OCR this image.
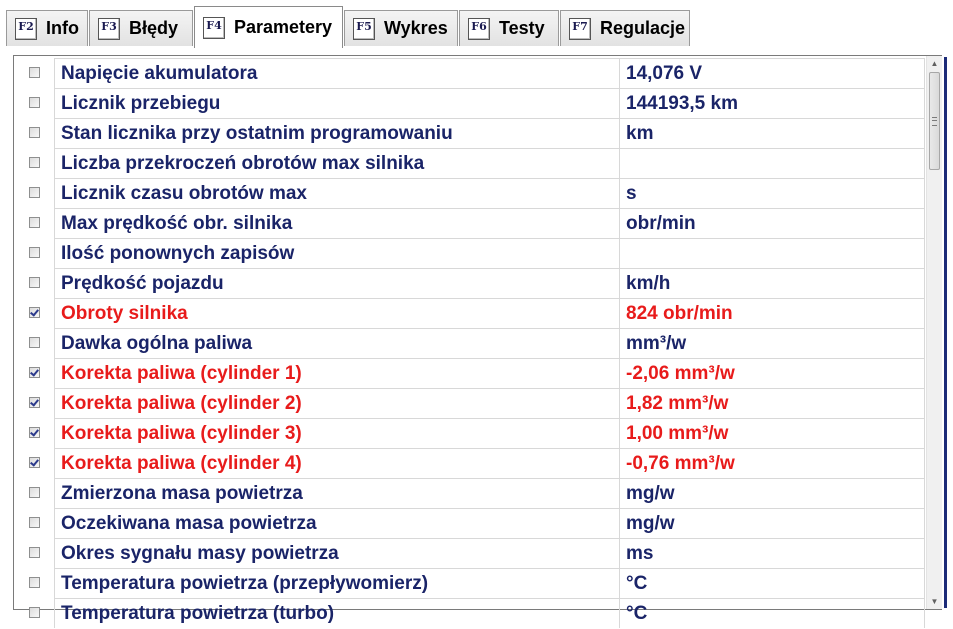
F2 Info F3 Błędy	F4 Parametery F5 Wykres F6 Testy	F7 Regulacje
Napięcie akumulatora	14,076 V
Licznik przebiegu	144193,5 km
Stan licznika przy ostatnim programowaniu	km
Liczba przekroczeń obrotów max silnika
Licznik czasu obrotów max	s
Max prędkość obr. silnika	obr/min
Ilość ponownych zapisów
Prędkość pojazdu	km/h
Obroty silnika	824 obr/min
Dawka ogólna paliwa	mm³/w
Korekta paliwa (cylinder 1)	-2,06 mm³/w
Korekta paliwa (cylinder 2)	1,82 mm³/w
Korekta paliwa (cylinder 3)	1,00 mm³/w
Korekta paliwa (cylinder 4)	-0,76 mm³/w
Zmierzona masa powietrza	mg/w
Oczekiwana masa powietrza	mg/w
Okres sygnału masy powietrza	ms
Temperatura powietrza (przepływomierz)	°C
Temperatura powietrza (turbo)	°C
▲
▼
